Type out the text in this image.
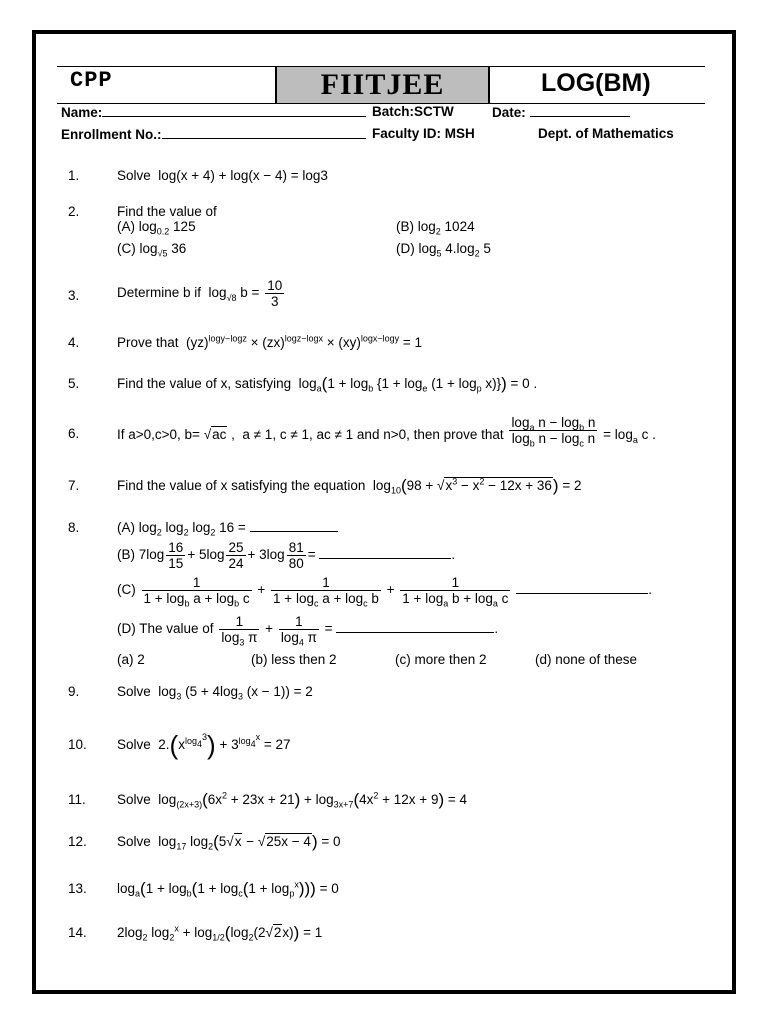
CPP	FIITJEE	LOG(BM)
Name:	Batch:SCTW	Date:
Enrollment No.:	Faculty ID: MSH	Dept. of Mathematics
1.	Solve  log(x + 4) + log(x − 4) = log3
2.	Find the value of
(A) $\log_{0.2} 125$	(B) $\log_2 1024$
(C) $\log_{√5} 36$	(D) $\log_5 4.\log_2$ 5
3.	Determine b if  $\log_{√8} b = \frac{10}{3}$
4.	Prove that  (yz)$^{logy-logz}$ × (zx)$^{logz-logx}$ × (xy)$^{logx-logy}$ = 1
5.	Find the value of x, satisfying  $\log_a(1 + \log_b \{1 + \log_e (1 + \log_p x)\}) = 0$ .
6.	If a>0,c>0, b= √ac ,  a ≠ 1, c ≠ 1, ac ≠ 1 and n>0, then prove that $\frac{\log_a n - \log_b n}{\log_b n - \log_c n} = \log_a c$ .
7.	Find the value of x satisfying the equation  $\log_{10}(98 + √x^3 - x^2 - 12x + 36) = 2$
8.	(A) $\log_2 \log_2 \log_2 16$ =
(B) $7\log \frac{16}{15} + 5\log \frac{25}{24} + 3\log \frac{81}{80}$ =	.
$(C) \frac{1}{1 + \log_b a + \log_b c} + \frac{1}{1 + \log_c a + \log_c b} + \frac{1}{1 + \log_a b + \log_a c}$	.
(D) The value of $\frac{1}{\log_3 \pi} + \frac{1}{\log_4 \pi}$ =	.
(a) 2	(b) less then 2	(c) more then 2	(d) none of these
9.	Solve  $\log_3 (5 + 4\log_3$ (x − 1)) = 2
10. Solve  $2.(x^{log_4^3}) + 3^{log_4^x} = 27$
11. Solve  $\log_{(2x+3)}(6x^2 + 23x + 21) + \log_{3x+7}(4x^2 + 12x + 9) = 4$
12. Solve  $\log_{17} \log_2(5√x - √25x - 4) = 0$
13. $\log_a(1 + \log_b(1 + \log_c(1 + \log_p^x))) = 0$
14. $2\log_2$ $\log_2^x + \log_{1/2}(\log_2(2√2x)) = 1$
